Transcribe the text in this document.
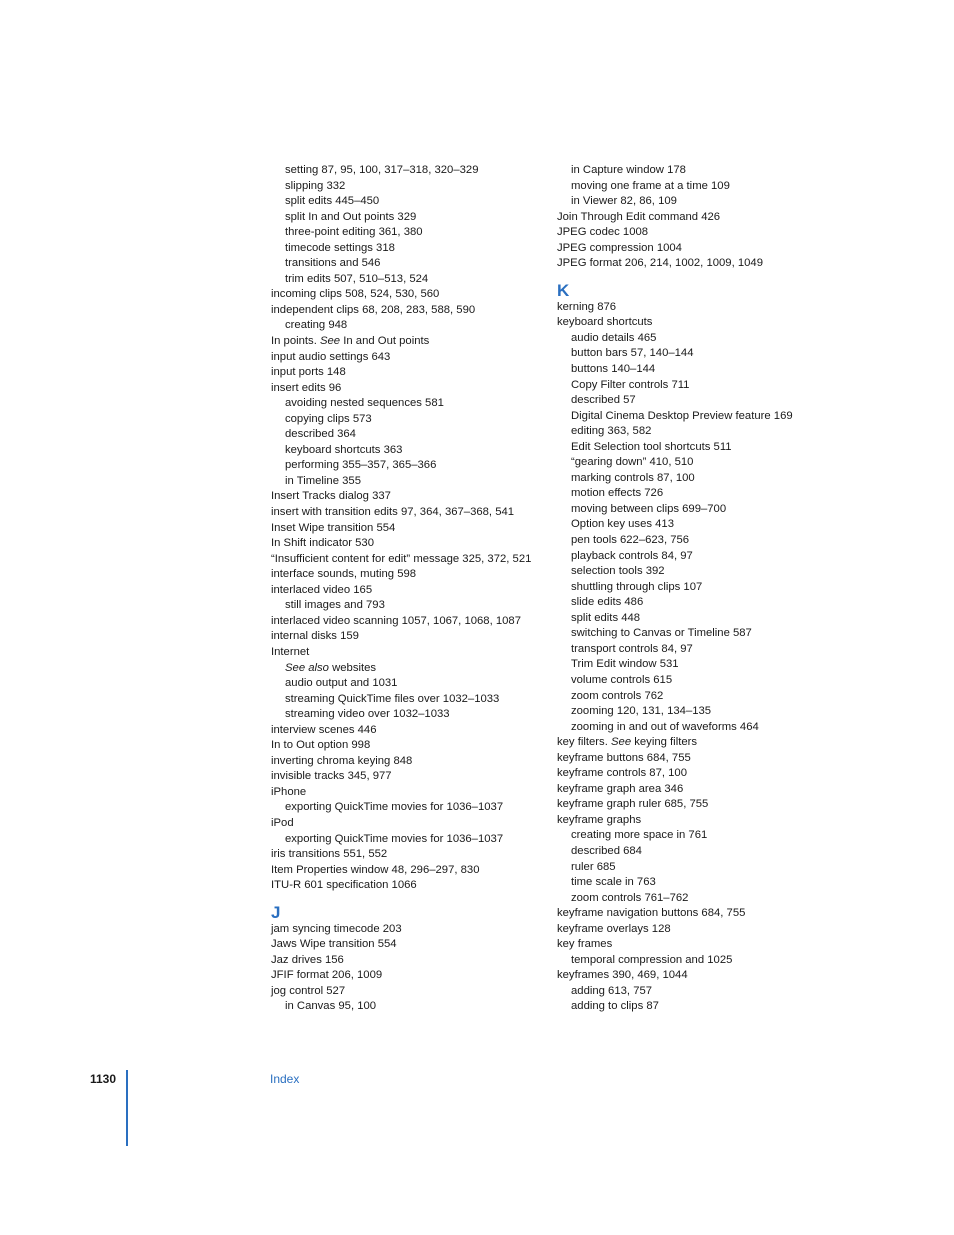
setting 87, 95, 100, 317–318, 320–329
slipping 332
split edits 445–450
split In and Out points 329
three-point editing 361, 380
timecode settings 318
transitions and 546
trim edits 507, 510–513, 524
incoming clips 508, 524, 530, 560
independent clips 68, 208, 283, 588, 590
creating 948
In points. See In and Out points
input audio settings 643
input ports 148
insert edits 96
avoiding nested sequences 581
copying clips 573
described 364
keyboard shortcuts 363
performing 355–357, 365–366
in Timeline 355
Insert Tracks dialog 337
insert with transition edits 97, 364, 367–368, 541
Inset Wipe transition 554
In Shift indicator 530
“Insufficient content for edit” message 325, 372, 521
interface sounds, muting 598
interlaced video 165
still images and 793
interlaced video scanning 1057, 1067, 1068, 1087
internal disks 159
Internet
See also websites
audio output and 1031
streaming QuickTime files over 1032–1033
streaming video over 1032–1033
interview scenes 446
In to Out option 998
inverting chroma keying 848
invisible tracks 345, 977
iPhone
exporting QuickTime movies for 1036–1037
iPod
exporting QuickTime movies for 1036–1037
iris transitions 551, 552
Item Properties window 48, 296–297, 830
ITU-R 601 specification 1066
J
jam syncing timecode 203
Jaws Wipe transition 554
Jaz drives 156
JFIF format 206, 1009
jog control 527
in Canvas 95, 100
in Capture window 178
moving one frame at a time 109
in Viewer 82, 86, 109
Join Through Edit command 426
JPEG codec 1008
JPEG compression 1004
JPEG format 206, 214, 1002, 1009, 1049
K
kerning 876
keyboard shortcuts
audio details 465
button bars 57, 140–144
buttons 140–144
Copy Filter controls 711
described 57
Digital Cinema Desktop Preview feature 169
editing 363, 582
Edit Selection tool shortcuts 511
“gearing down” 410, 510
marking controls 87, 100
motion effects 726
moving between clips 699–700
Option key uses 413
pen tools 622–623, 756
playback controls 84, 97
selection tools 392
shuttling through clips 107
slide edits 486
split edits 448
switching to Canvas or Timeline 587
transport controls 84, 97
Trim Edit window 531
volume controls 615
zoom controls 762
zooming 120, 131, 134–135
zooming in and out of waveforms 464
key filters. See keying filters
keyframe buttons 684, 755
keyframe controls 87, 100
keyframe graph area 346
keyframe graph ruler 685, 755
keyframe graphs
creating more space in 761
described 684
ruler 685
time scale in 763
zoom controls 761–762
keyframe navigation buttons 684, 755
keyframe overlays 128
key frames
temporal compression and 1025
keyframes 390, 469, 1044
adding 613, 757
adding to clips 87
1130	Index
